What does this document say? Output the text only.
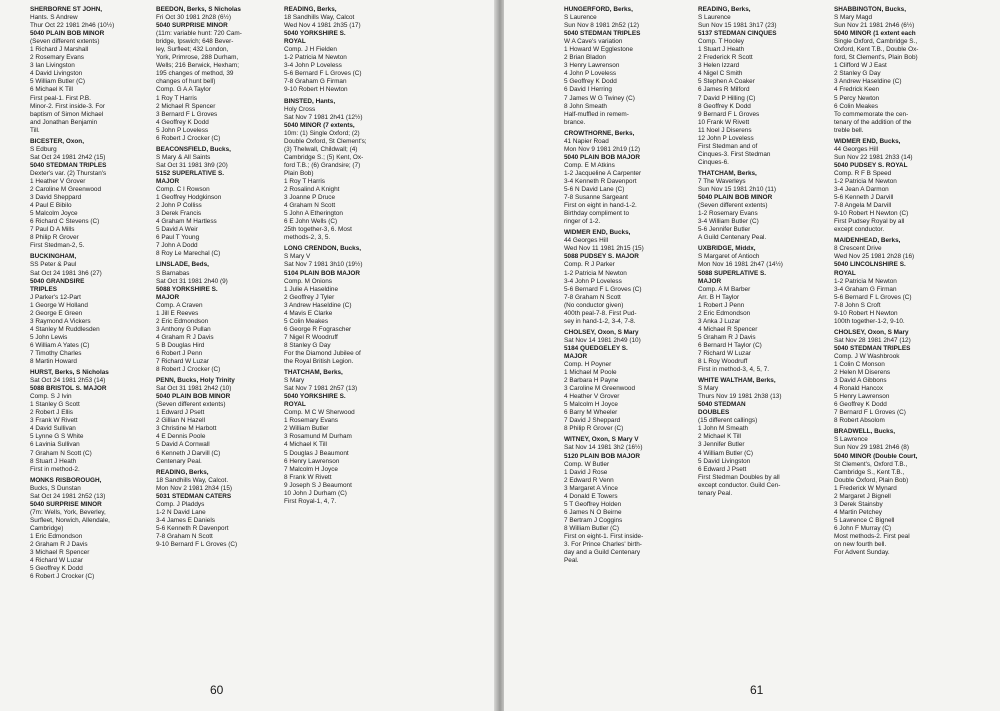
SHERBORNE ST JOHN,
Hants. S Andrew
Thur Oct 22 1981 2h46 (10½)
5040 PLAIN BOB MINOR
(Seven different extents)
1 Richard J Marshall
2 Rosemary Evans
3 Ian Livingston
4 David Livingston
5 William Butler (C)
6 Michael K Till
First peal-1. First P.B.
Minor-2. First inside-3. For
baptism of Simon Michael
and Jonathan Benjamin
Till.
BICESTER, Oxon,
S Edburg
Sat Oct 24 1981 2h42 (15)
5040 STEDMAN TRIPLES
Dexter's var. (2) Thurstan's
1 Heather V Grover
2 Caroline M Greenwood
3 David Sheppard
4 Paul E Bibilo
5 Malcolm Joyce
6 Richard C Stevens (C)
7 Paul D A Mills
8 Philip R Grover
First Stedman-2, 5.
BUCKINGHAM,
SS Peter & Paul
Sat Oct 24 1981 3h6 (27)
5040 GRANDSIRE
TRIPLES
J Parker's 12-Part
1 George W Holland
2 George E Green
3 Raymond A Vickers
4 Stanley M Ruddlesden
5 John Lewis
6 William A Yates (C)
7 Timothy Charles
8 Martin Howard
HURST, Berks, S Nicholas
Sat Oct 24 1981 2h53 (14)
5088 BRISTOL S. MAJOR
Comp. S J Ivin
1 Stanley G Scott
2 Robert J Ellis
3 Frank W Rivett
4 David Sullivan
5 Lynne G S White
6 Lavinia Sullivan
7 Graham N Scott (C)
8 Stuart J Heath
First in method-2.
MONKS RISBOROUGH,
Bucks, S Dunstan
Sat Oct 24 1981 2h52 (13)
5040 SURPRISE MINOR
(7m: Wells, York, Beverley,
Surfleet, Norwich, Allendale,
Cambridge)
1 Eric Edmondson
2 Graham R J Davis
3 Michael R Spencer
4 Richard W Luzar
5 Geoffrey K Dodd
6 Robert J Crocker (C)
BEEDON, Berks, S Nicholas
Fri Oct 30 1981 2h28 (6½)
5040 SURPRISE MINOR
(11m: variable hunt: 720 Cam-
bridge, Ipswich; 648 Bever-
ley, Surfleet; 432 London,
York, Primrose, 288 Durham,
Wells; 216 Berwick, Hexham;
195 changes of method, 39
changes of hunt bell)
Comp. G A A Taylor
1 Roy T Harris
2 Michael R Spencer
3 Bernard F L Groves
4 Geoffrey K Dodd
5 John P Loveless
6 Robert J Crocker (C)
BEACONSFIELD, Bucks,
S Mary & All Saints
Sat Oct 31 1981 3h9 (20)
5152 SUPERLATIVE S.
MAJOR
Comp. C I Rowson
1 Geoffrey Hodgkinson
2 John P Colliss
3 Derek Francis
4 Graham M Hartless
5 David A Weir
6 Paul T Young
7 John A Dodd
8 Roy Le Marechal (C)
LINSLADE, Beds,
S Barnabas
Sat Oct 31 1981 2h40 (9)
5088 YORKSHIRE S.
MAJOR
Comp. A Craven
1 Jill E Reeves
2 Eric Edmondson
3 Anthony G Pullan
4 Graham R J Davis
5 B Douglas Hird
6 Robert J Penn
7 Richard W Luzar
8 Robert J Crocker (C)
PENN, Bucks, Holy Trinity
Sat Oct 31 1981 2h42 (10)
5040 PLAIN BOB MINOR
(Seven different extents)
1 Edward J Psett
2 Gillian N Hazell
3 Christine M Harbott
4 E Dennis Poole
5 David A Cornwall
6 Kenneth J Darvill (C)
Centenary Peal.
READING, Berks,
18 Sandhills Way, Calcot.
Mon Nov 2 1981 2h34 (15)
5031 STEDMAN CATERS
Comp. J Pladdys
1-2 N David Lane
3-4 James E Daniels
5-6 Kenneth R Davenport
7-8 Graham N Scott
9-10 Bernard F L Groves (C)
READING, Berks,
18 Sandhills Way, Calcot
Wed Nov 4 1981 2h35 (17)
5040 YORKSHIRE S.
ROYAL
Comp. J H Fielden
1-2 Patricia M Newton
3-4 John P Loveless
5-6 Bernard F L Groves (C)
7-8 Graham G Firman
9-10 Robert H Newton
BINSTED, Hants,
Holy Cross
Sat Nov 7 1981 2h41 (12½)
5040 MINOR (7 extents,
10m: (1) Single Oxford; (2)
Double Oxford, St Clement's;
(3) Thelwall, Childwall; (4)
Cambridge S.; (5) Kent, Ox-
ford T.B.; (6) Grandsire; (7)
Plain Bob)
1 Roy T Harris
2 Rosalind A Knight
3 Joanne P Druce
4 Graham N Scott
5 John A Etherington
6 E John Wells (C)
25th together-3, 6. Most
methods-2, 3, 5.
LONG CRENDON, Bucks,
S Mary V
Sat Nov 7 1981 3h10 (19½)
5104 PLAIN BOB MAJOR
Comp. M Onions
1 Julie A Haseldine
2 Geoffrey J Tyler
3 Andrew Haseldine (C)
4 Mavis E Clarke
5 Colin Meakes
6 George R Fograscher
7 Nigel R Woodruff
8 Stanley G Day
For the Diamond Jubilee of
the Royal British Legion.
THATCHAM, Berks,
S Mary
Sat Nov 7 1981 2h57 (13)
5040 YORKSHIRE S.
ROYAL
Comp. M C W Sherwood
1 Rosemary Evans
2 William Butler
3 Rosamund M Durham
4 Michael K Till
5 Douglas J Beaumont
6 Henry Lawrenson
7 Malcolm H Joyce
8 Frank W Rivett
9 Joseph S J Beaumont
10 John J Durham (C)
First Royal-1, 4, 7.
60
HUNGERFORD, Berks,
S Laurence
Sun Nov 8 1981 2h52 (12)
5040 STEDMAN TRIPLES
W A Cave's variation
1 Howard W Egglestone
2 Brian Bladon
3 Henry Lawrenson
4 John P Loveless
5 Geoffrey K Dodd
6 David I Herring
7 James W G Twiney (C)
8 John Smeath
Half-muffled in remem-
brance.
CROWTHORNE, Berks,
41 Napier Road
Mon Nov 9 1981 2h19 (12)
5040 PLAIN BOB MAJOR
Comp. E M Atkins
1-2 Jacqueline A Carpenter
3-4 Kenneth R Davenport
5-6 N David Lane (C)
7-8 Susanne Sargeant
First on eight in hand-1-2.
Birthday compliment to
ringer of 1-2.
WIDMER END, Bucks,
44 Georges Hill
Wed Nov 11 1981 2h15 (15)
5088 PUDSEY S. MAJOR
Comp. R J Parker
1-2 Patricia M Newton
3-4 John P Loveless
5-6 Bernard F L Groves (C)
7-8 Graham N Scott
(No conductor given)
400th peal-7-8. First Pud-
sey in hand-1-2, 3-4, 7-8.
CHOLSEY, Oxon, S Mary
Sat Nov 14 1981 2h49 (10)
5184 QUEDGELEY S.
MAJOR
Comp. H Poyner
1 Michael M Poole
2 Barbara H Payne
3 Caroline M Greenwood
4 Heather V Grover
5 Malcolm H Joyce
6 Barry M Wheeler
7 David J Sheppard
8 Philip R Grover (C)
WITNEY, Oxon, S Mary V
Sat Nov 14 1981 3h2 (16½)
5120 PLAIN BOB MAJOR
Comp. W Butler
1 David J Rose
2 Edward R Venn
3 Margaret A Vince
4 Donald E Towers
5 T Geoffrey Holden
6 James N O Beirne
7 Bertram J Coggins
8 William Butler (C)
First on eight-1. First inside-
3. For Prince Charles' birth-
day and a Guild Centenary
Peal.
READING, Berks,
S Laurence
Sun Nov 15 1981 3h17 (23)
5137 STEDMAN CINQUES
Comp. T Hooley
1 Stuart J Heath
2 Frederick R Scott
3 Helen Izzard
4 Nigel C Smith
5 Stephen A Coaker
6 James R Milford
7 David P Hilling (C)
8 Geoffrey K Dodd
9 Bernard F L Groves
10 Frank W Rivett
11 Noel J Diserens
12 John P Loveless
First Stedman and of
Cinques-3. First Stedman
Cinques-6.
THATCHAM, Berks,
7 The Waverleys
Sun Nov 15 1981 2h10 (11)
5040 PLAIN BOB MINOR
(Seven different extents)
1-2 Rosemary Evans
3-4 William Butler (C)
5-6 Jennifer Butler
A Guild Centenary Peal.
UXBRIDGE, Middx,
S Margaret of Antioch
Mon Nov 16 1981 2h47 (14½)
5088 SUPERLATIVE S.
MAJOR
Comp. A M Barber
Arr. B H Taylor
1 Robert J Penn
2 Eric Edmondson
3 Anka J Luzar
4 Michael R Spencer
5 Graham R J Davis
6 Bernard H Taylor (C)
7 Richard W Luzar
8 L Roy Woodruff
First in method-3, 4, 5, 7.
WHITE WALTHAM, Berks,
S Mary
Thurs Nov 19 1981 2h38 (13)
5040 STEDMAN
DOUBLES
(15 different callings)
1 John M Smeath
2 Michael K Till
3 Jennifer Butler
4 William Butler (C)
5 David Livingston
6 Edward J Psett
First Stedman Doubles by all
except conductor. Guild Cen-
tenary Peal.
SHABBINGTON, Bucks,
S Mary Magd
Sun Nov 21 1981 2h46 (6½)
5040 MINOR (1 extent each
Single Oxford, Cambridge S.,
Oxford, Kent T.B., Double Ox-
ford, St Clement's, Plain Bob)
1 Clifford W J East
2 Stanley G Day
3 Andrew Haseldine (C)
4 Fredrick Keen
5 Percy Newton
6 Colin Meakes
To commemorate the cen-
tenary of the addition of the
treble bell.
WIDMER END, Bucks,
44 Georges Hill
Sun Nov 22 1981 2h33 (14)
5040 PUDSEY S. ROYAL
Comp. R F B Speed
1-2 Patricia M Newton
3-4 Jean A Darmon
5-6 Kenneth J Darvill
7-8 Angela M Darvill
9-10 Robert H Newton (C)
First Pudsey Royal by all
except conductor.
MAIDENHEAD, Berks,
8 Crescent Drive
Wed Nov 25 1981 2h28 (16)
5040 LINCOLNSHIRE S.
ROYAL
1-2 Patricia M Newton
3-4 Graham G Firman
5-6 Bernard F L Groves (C)
7-8 John S Croft
9-10 Robert H Newton
100th together-1-2, 9-10.
CHOLSEY, Oxon, S Mary
Sat Nov 28 1981 2h47 (12)
5040 STEDMAN TRIPLES
Comp. J W Washbrook
1 Colin C Monson
2 Helen M Diserens
3 David A Gibbons
4 Ronald Hancox
5 Henry Lawrenson
6 Geoffrey K Dodd
7 Bernard F L Groves (C)
8 Robert Absolom
BRADWELL, Bucks,
S Lawrence
Sun Nov 29 1981 2h46 (8)
5040 MINOR (Double Court,
St Clement's, Oxford T.B.,
Cambridge S., Kent T.B.,
Double Oxford, Plain Bob)
1 Frederick W Mynard
2 Margaret J Bignell
3 Derek Stainsby
4 Martin Petchey
5 Lawrence C Bignell
6 John F Murray (C)
Most methods-2. First peal
on new fourth bell.
For Advent Sunday.
61
